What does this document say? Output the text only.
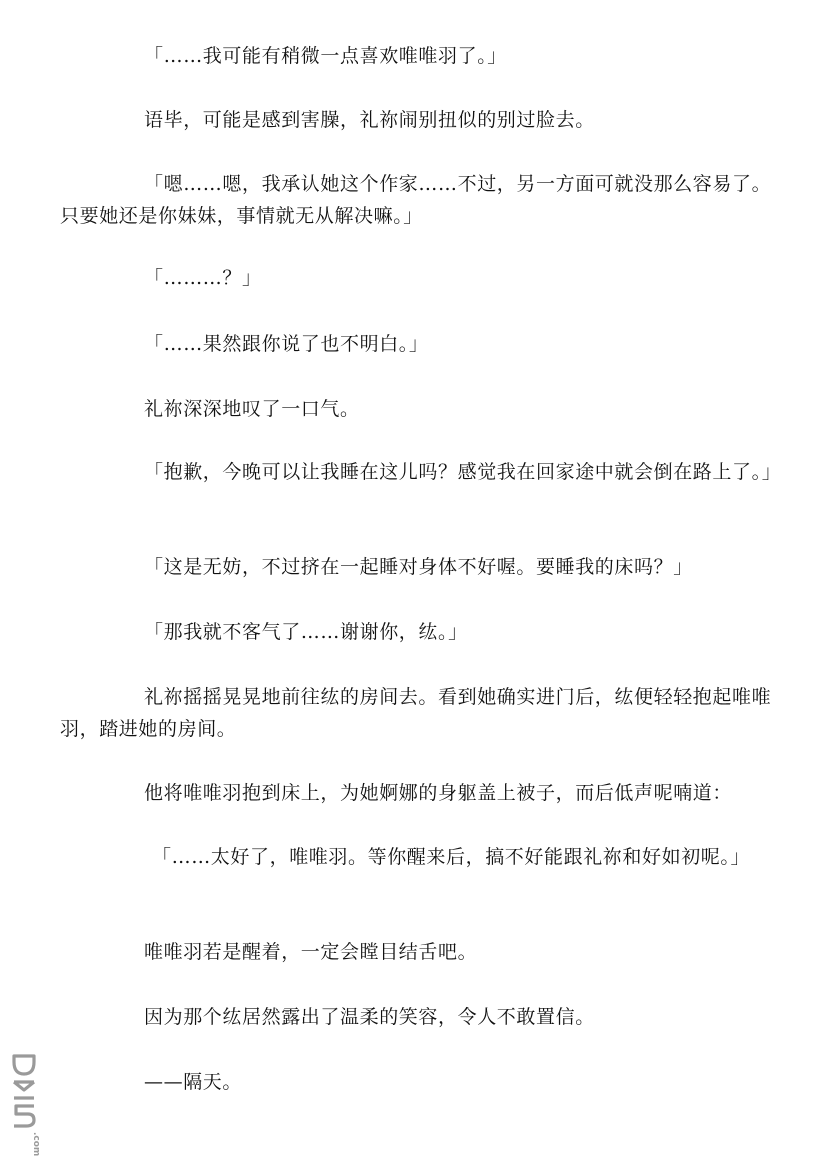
「……我可能有稍微一点喜欢唯唯羽了。」

语毕，可能是感到害臊，礼祢闹别扭似的别过脸去。

「嗯……嗯，我承认她这个作家……不过，另一方面可就没那么容易了。只要她还是你妹妹，事情就无从解决嘛。」

「………？」

「……果然跟你说了也不明白。」

礼祢深深地叹了一口气。

「抱歉，今晚可以让我睡在这儿吗？感觉我在回家途中就会倒在路上了。」

「这是无妨，不过挤在一起睡对身体不好喔。要睡我的床吗？」

「那我就不客气了……谢谢你，纮。」

礼祢摇摇晃晃地前往纮的房间去。看到她确实进门后，纮便轻轻抱起唯唯羽，踏进她的房间。

他将唯唯羽抱到床上，为她婀娜的身躯盖上被子，而后低声呢喃道：

「……太好了，唯唯羽。等你醒来后，搞不好能跟礼祢和好如初呢。」

唯唯羽若是醒着，一定会瞠目结舌吧。

因为那个纮居然露出了温柔的笑容，令人不敢置信。

——隔天。

.com
